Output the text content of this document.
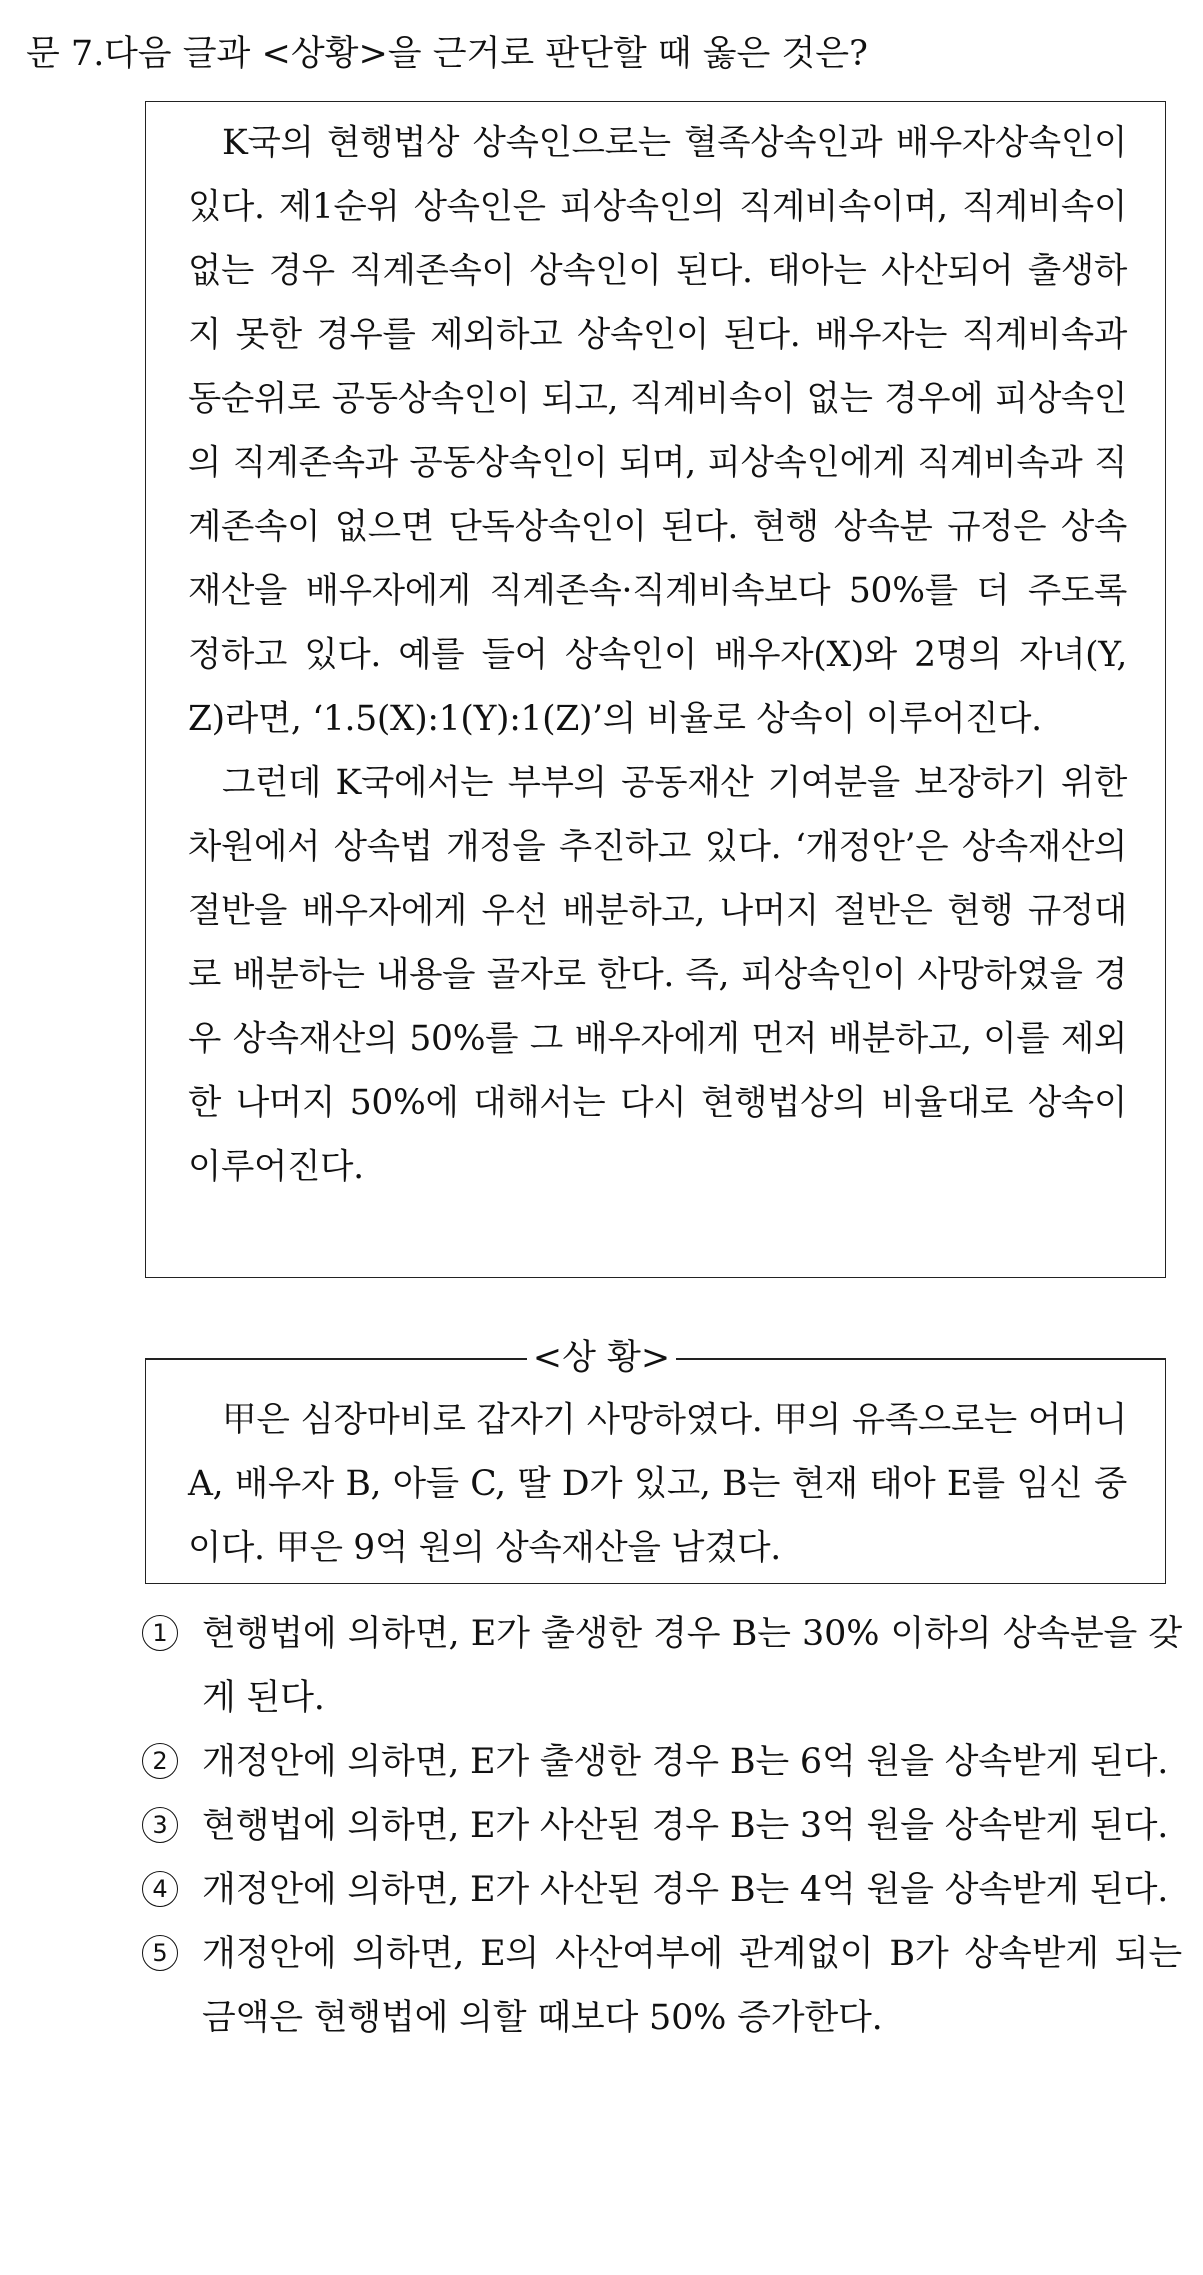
문 7.다음 글과 <상황>을 근거로 판단할 때 옳은 것은?

K국의 현행법상 상속인으로는 혈족상속인과 배우자상속인이 있다. 제1순위 상속인은 피상속인의 직계비속이며, 직계비속이 없는 경우 직계존속이 상속인이 된다. 태아는 사산되어 출생하지 못한 경우를 제외하고 상속인이 된다. 배우자는 직계비속과 동순위로 공동상속인이 되고, 직계비속이 없는 경우에 피상속인의 직계존속과 공동상속인이 되며, 피상속인에게 직계비속과 직계존속이 없으면 단독상속인이 된다. 현행 상속분 규정은 상속재산을 배우자에게 직계존속·직계비속보다 50%를 더 주도록 정하고 있다. 예를 들어 상속인이 배우자(X)와 2명의 자녀(Y, Z)라면, ‘1.5(X):1(Y):1(Z)’의 비율로 상속이 이루어진다.

그런데 K국에서는 부부의 공동재산 기여분을 보장하기 위한 차원에서 상속법 개정을 추진하고 있다. ‘개정안’은 상속재산의 절반을 배우자에게 우선 배분하고, 나머지 절반은 현행 규정대로 배분하는 내용을 골자로 한다. 즉, 피상속인이 사망하였을 경우 상속재산의 50%를 그 배우자에게 먼저 배분하고, 이를 제외한 나머지 50%에 대해서는 다시 현행법상의 비율대로 상속이 이루어진다.

<상 황>

甲은 심장마비로 갑자기 사망하였다. 甲의 유족으로는 어머니 A, 배우자 B, 아들 C, 딸 D가 있고, B는 현재 태아 E를 임신 중이다. 甲은 9억 원의 상속재산을 남겼다.

1 현행법에 의하면, E가 출생한 경우 B는 30% 이하의 상속분을 갖게 된다.
2 개정안에 의하면, E가 출생한 경우 B는 6억 원을 상속받게 된다.
3 현행법에 의하면, E가 사산된 경우 B는 3억 원을 상속받게 된다.
4 개정안에 의하면, E가 사산된 경우 B는 4억 원을 상속받게 된다.
5 개정안에 의하면, E의 사산여부에 관계없이 B가 상속받게 되는 금액은 현행법에 의할 때보다 50% 증가한다.
